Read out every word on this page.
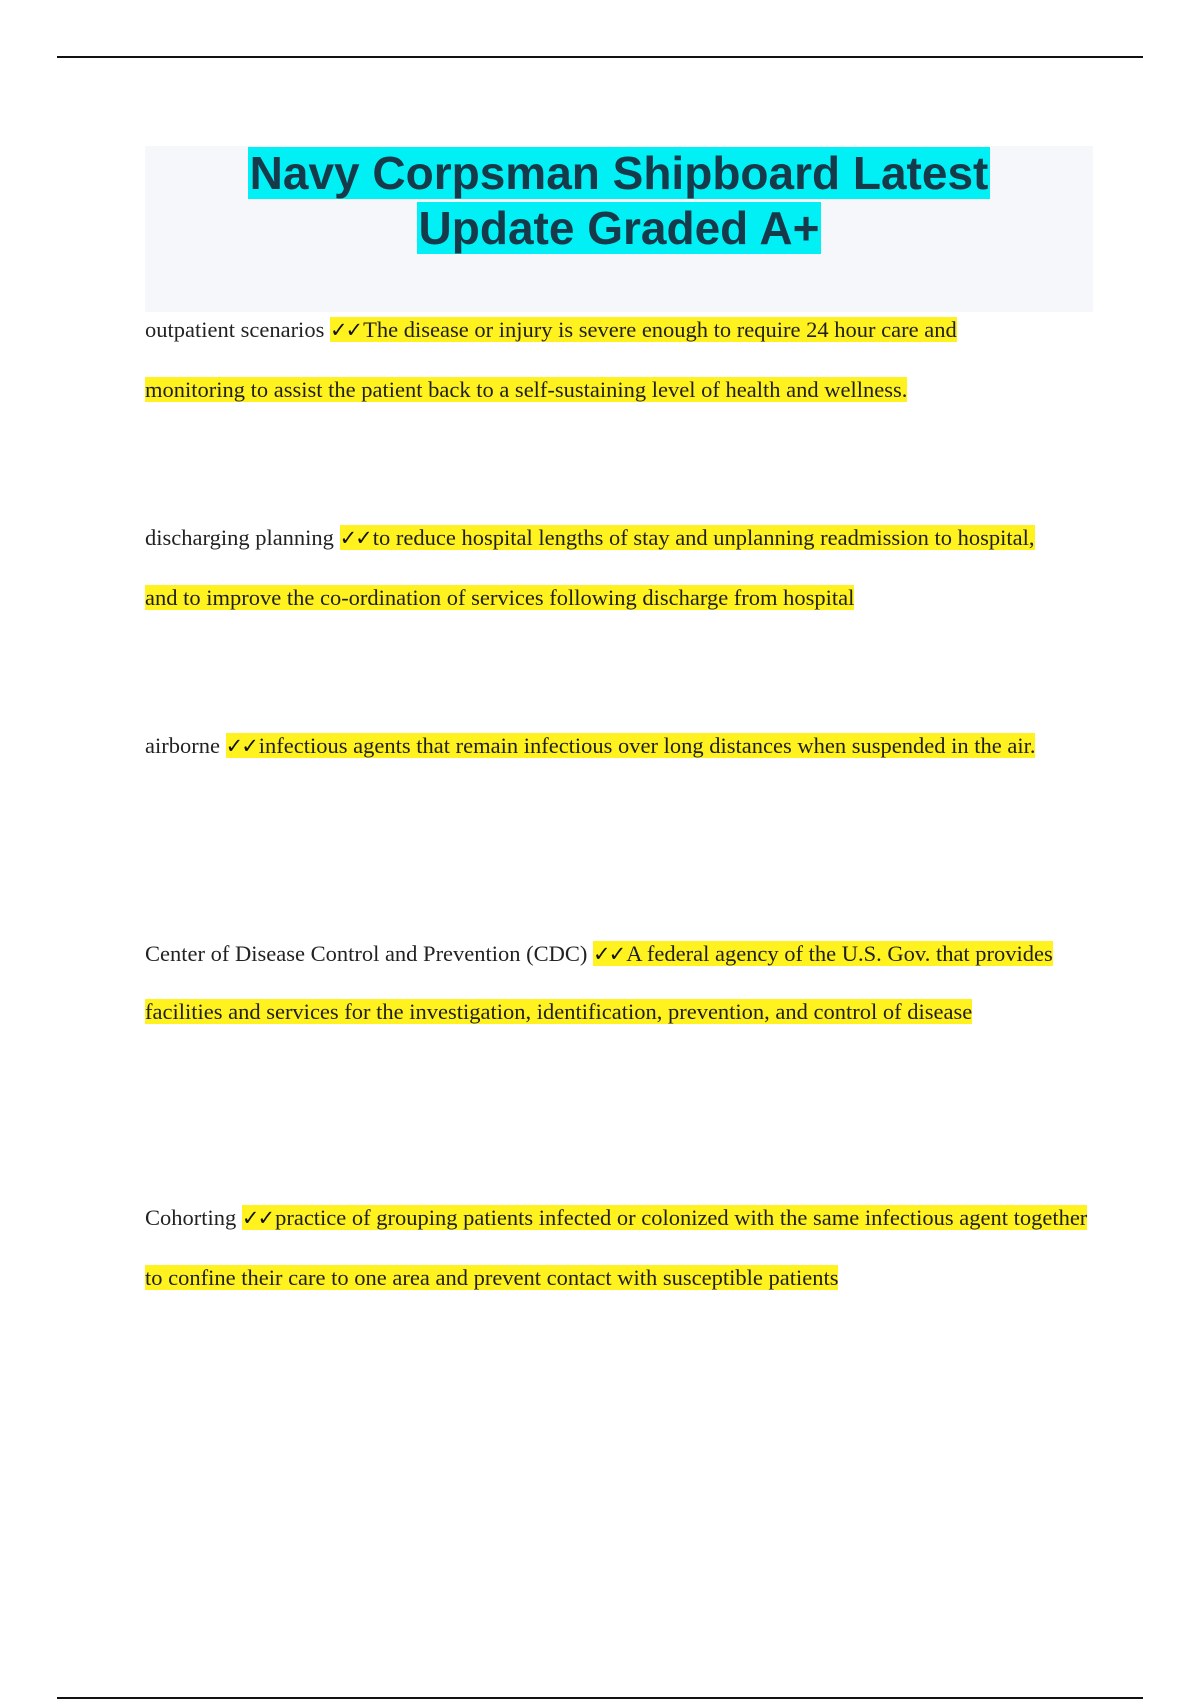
Navy Corpsman Shipboard Latest
Update Graded A+

outpatient scenarios ✓✓The disease or injury is severe enough to require 24 hour care and monitoring to assist the patient back to a self-sustaining level of health and wellness.

discharging planning ✓✓to reduce hospital lengths of stay and unplanning readmission to hospital, and to improve the co-ordination of services following discharge from hospital

airborne ✓✓infectious agents that remain infectious over long distances when suspended in the air.

Center of Disease Control and Prevention (CDC) ✓✓A federal agency of the U.S. Gov. that provides facilities and services for the investigation, identification, prevention, and control of disease

Cohorting ✓✓practice of grouping patients infected or colonized with the same infectious agent together to confine their care to one area and prevent contact with susceptible patients
